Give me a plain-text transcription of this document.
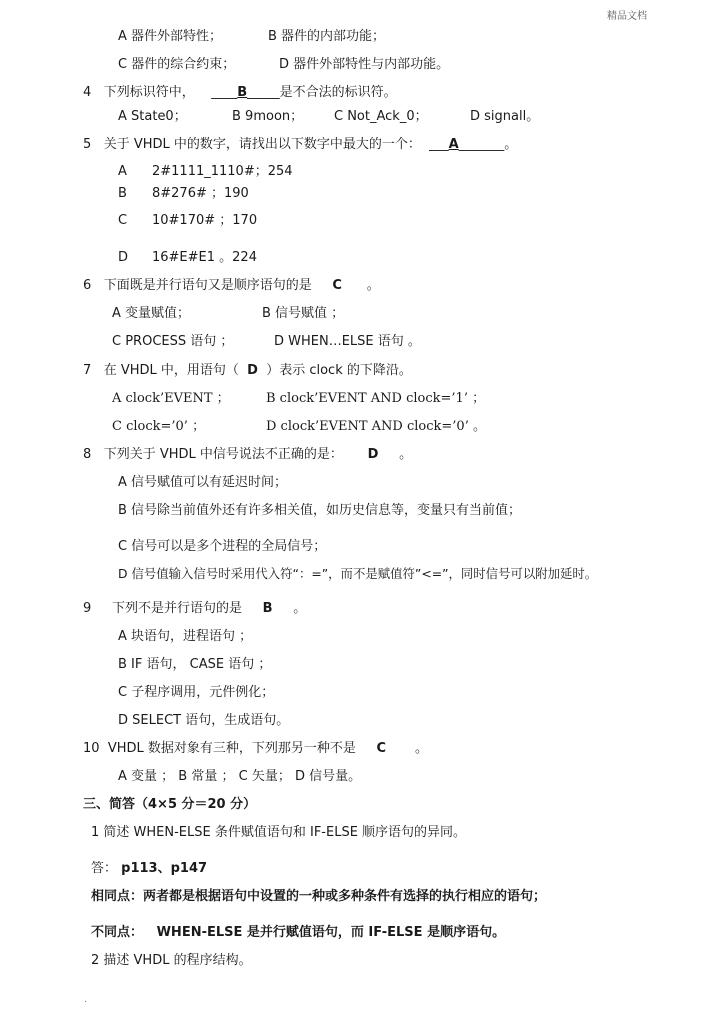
精品文档
A 器件外部特性；	B 器件的内部功能；
C 器件的综合约束；	D 器件外部特性与内部功能。
4 下列标识符中， ____B_____是不合法的标识符。
A State0；	B 9moon； C Not_Ack_0；	D signall。
5 关于 VHDL 中的数字，请找出以下数字中最大的一个： ___A_______。
A 2#1111_1110#；254
B 8#276# ；190
C 10#170# ；170
D 16#E#E1 。224
6 下面既是并行语句又是顺序语句的是 C 。
A 变量赋值；	B 信号赋值 ；
C PROCESS 语句 ；	D WHEN…ELSE 语句 。
7 在 VHDL 中，用语句（ D ）表示 clock 的下降沿。
A clock’EVENT ；	B clock’EVENT AND clock=’1’ ；
C clock=’0’ ；	D clock’EVENT AND clock=’0’ 。
8 下列关于 VHDL 中信号说法不正确的是： D 。
A 信号赋值可以有延迟时间；
B 信号除当前值外还有许多相关值，如历史信息等，变量只有当前值；
C 信号可以是多个进程的全局信号；
D 信号值输入信号时采用代入符“：=”，而不是赋值符”<=”，同时信号可以附加延时。
9 下列不是并行语句的是 B 。
A 块语句，进程语句 ；
B IF 语句， CASE 语句 ；
C 子程序调用，元件例化；
D SELECT 语句，生成语句。
10 VHDL 数据对象有三种，下列那另一种不是 C 。
A 变量 ； B 常量 ； C 矢量； D 信号量。
三、简答（4×5 分＝20 分）
1 简述 WHEN-ELSE 条件赋值语句和 IF-ELSE 顺序语句的异同。
答： p113、p147
相同点：两者都是根据语句中设置的一种或多种条件有选择的执行相应的语句；
不同点： WHEN-ELSE 是并行赋值语句，而 IF-ELSE 是顺序语句。
2 描述 VHDL 的程序结构。
.
